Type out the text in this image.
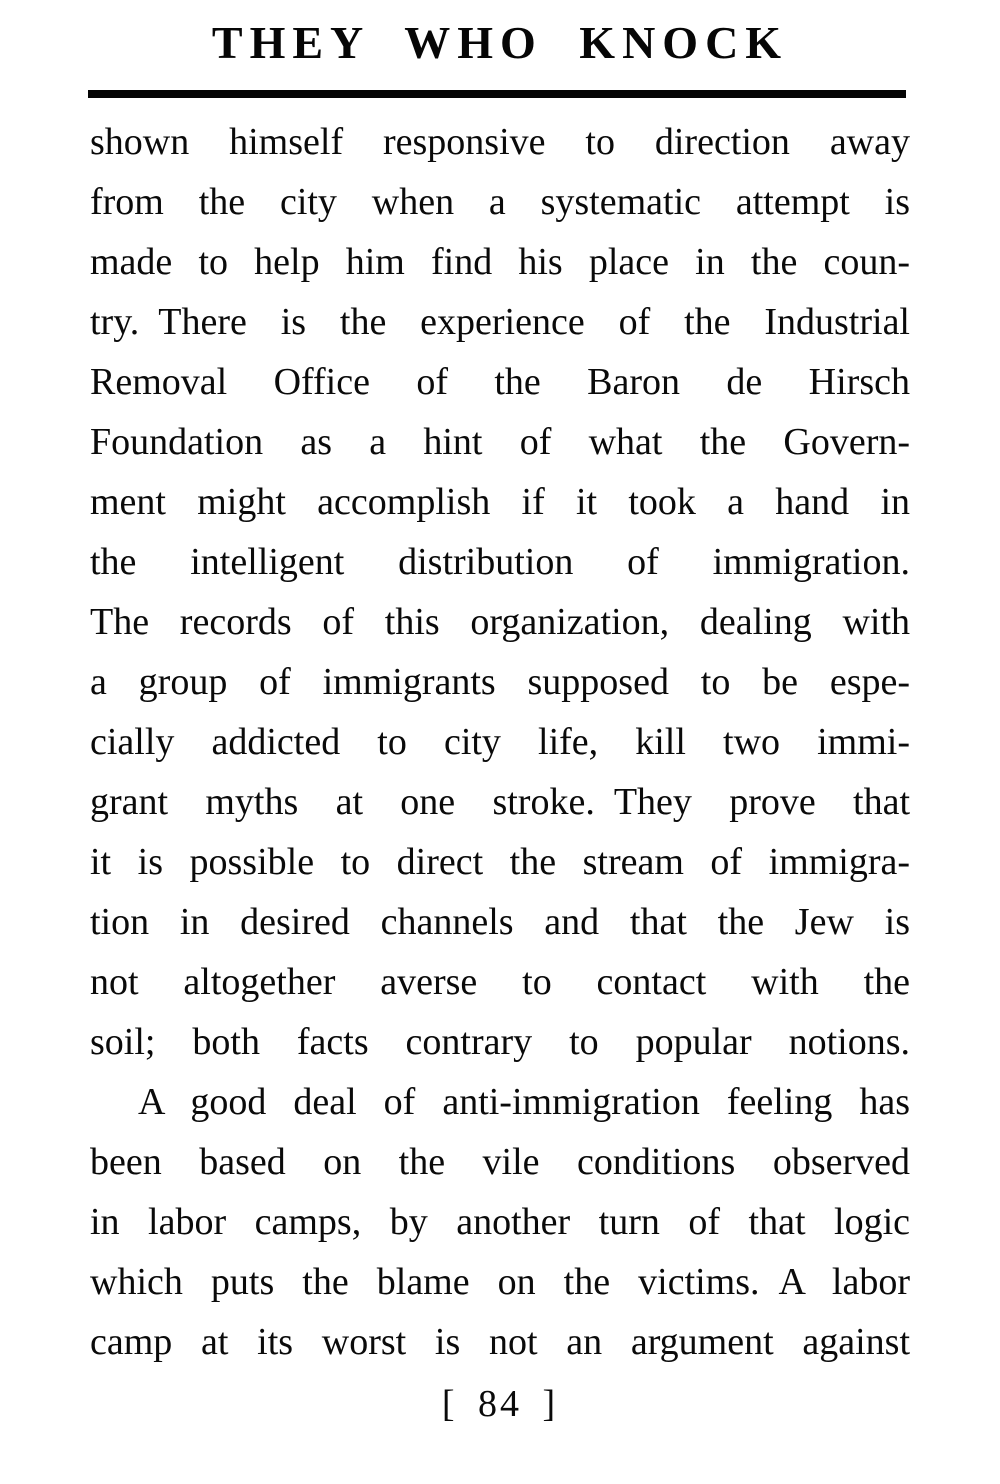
THEY WHO KNOCK
shown himself responsive to direction away
from the city when a systematic attempt is
made to help him find his place in the coun-
try. There is the experience of the Industrial
Removal Office of the Baron de Hirsch
Foundation as a hint of what the Govern-
ment might accomplish if it took a hand in
the intelligent distribution of immigration.
The records of this organization, dealing with
a group of immigrants supposed to be espe-
cially addicted to city life, kill two immi-
grant myths at one stroke. They prove that
it is possible to direct the stream of immigra-
tion in desired channels and that the Jew is
not altogether averse to contact with the
soil; both facts contrary to popular notions.
A good deal of anti-immigration feeling has
been based on the vile conditions observed
in labor camps, by another turn of that logic
which puts the blame on the victims. A labor
camp at its worst is not an argument against
[ 84 ]
